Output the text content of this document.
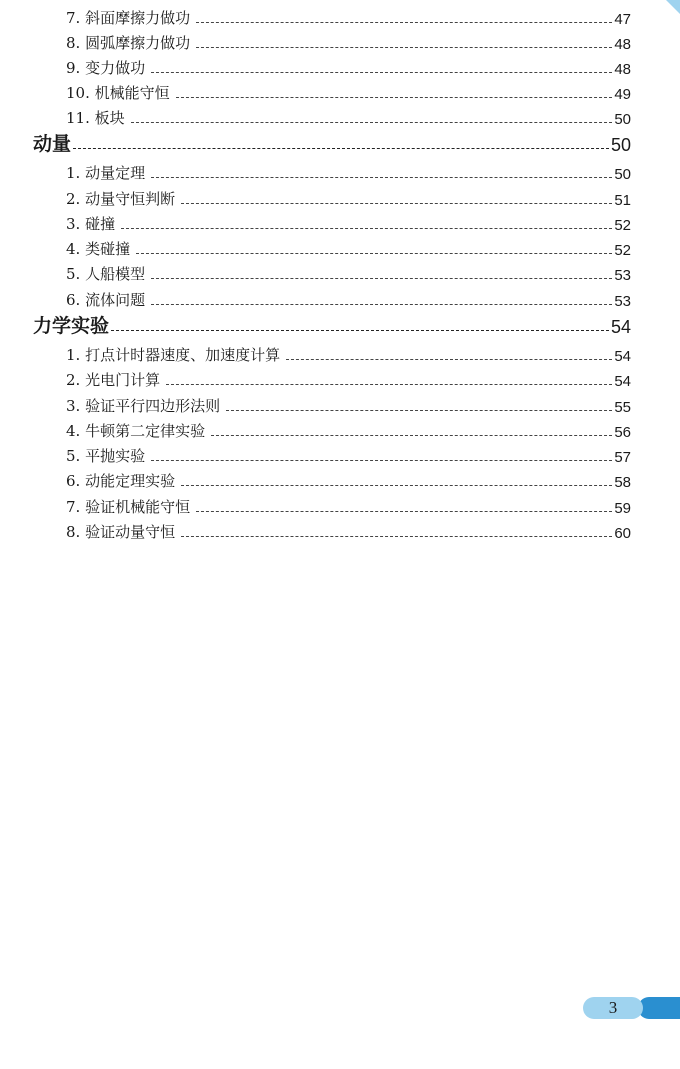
7. 斜面摩擦力做功	47
8. 圆弧摩擦力做功	48
9. 变力做功	48
10. 机械能守恒	49
11. 板块	50
动量	50
1. 动量定理	50
2. 动量守恒判断	51
3. 碰撞	52
4. 类碰撞	52
5. 人船模型	53
6. 流体问题	53
力学实验	54
1. 打点计时器速度、加速度计算	54
2. 光电门计算	54
3. 验证平行四边形法则	55
4. 牛顿第二定律实验	56
5. 平抛实验	57
6. 动能定理实验	58
7. 验证机械能守恒	59
8. 验证动量守恒	60
3
